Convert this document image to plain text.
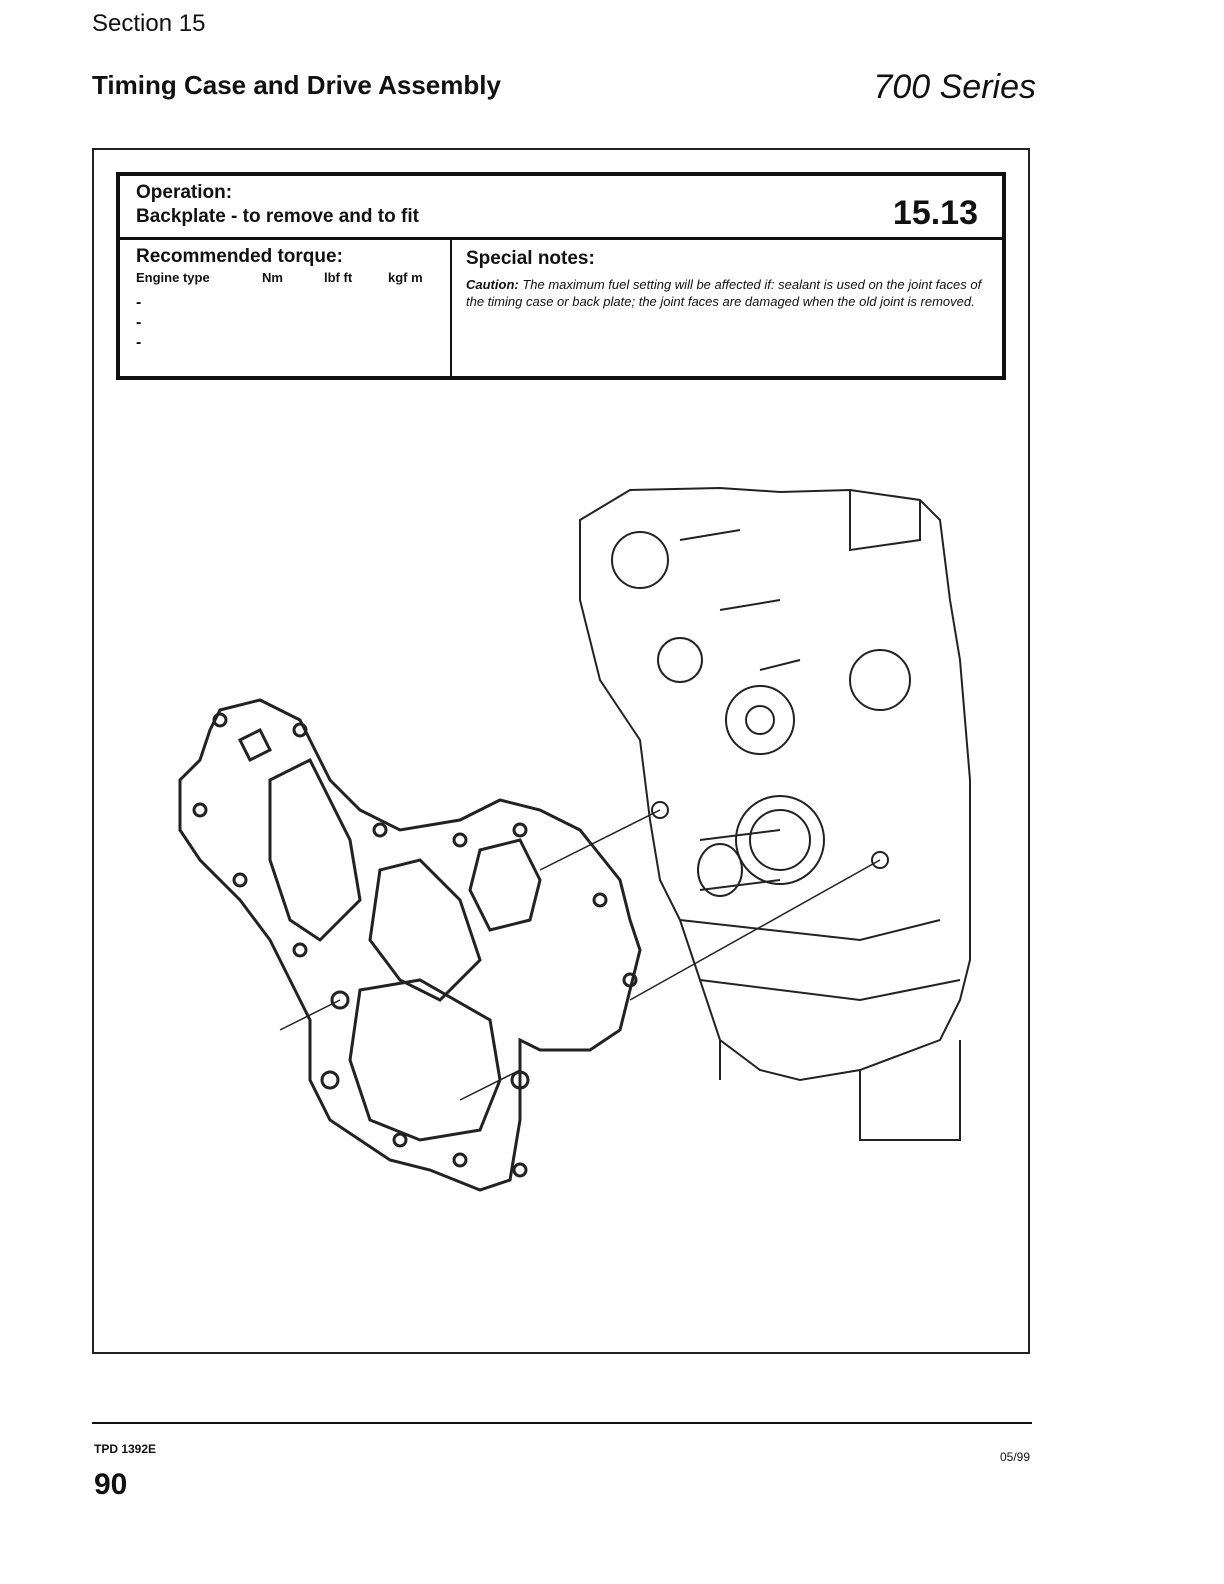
Section 15
Timing Case and Drive Assembly	700 Series
Operation:
Backplate - to remove and to fit	15.13
Recommended torque:
Engine type	Nm	lbf ft	kgf m
-
-
-
Special notes:
Caution: The maximum fuel setting will be affected if: sealant is used on the joint faces of the timing case or back plate; the joint faces are damaged when the old joint is removed.
TPD 1392E
05/99
90
